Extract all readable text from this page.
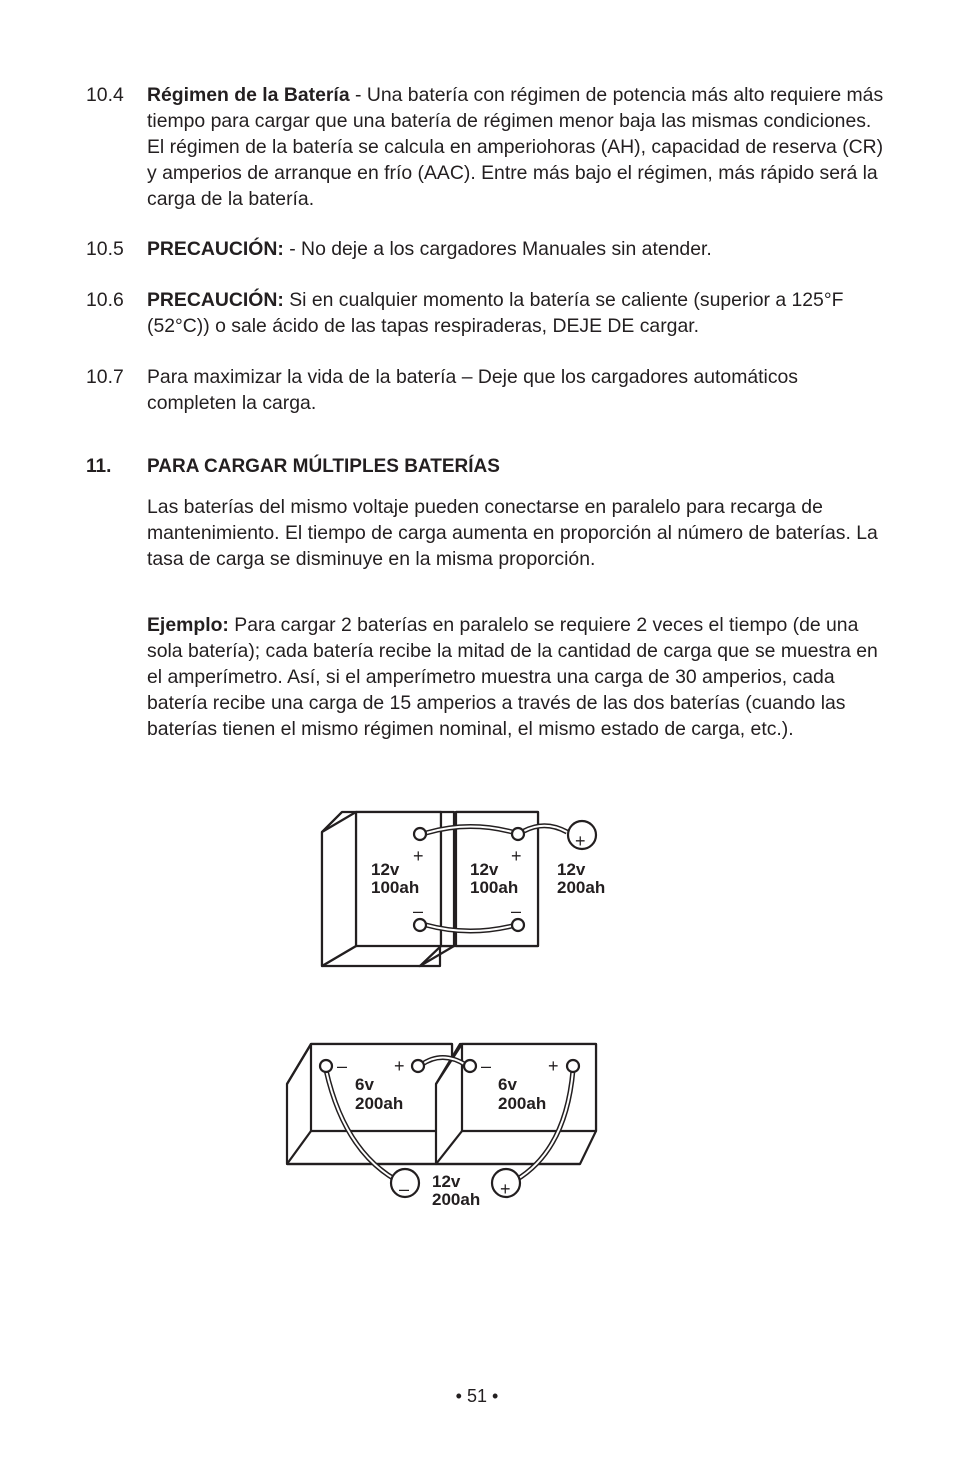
10.4 Régimen de la Batería - Una batería con régimen de potencia más alto requiere más tiempo para cargar que una batería de régimen menor baja las mismas condiciones. El régimen de la batería se calcula en amperiohoras (AH), capacidad de reserva (CR) y amperios de arranque en frío (AAC). Entre más bajo el régimen, más rápido será la carga de la batería.
10.5 PRECAUCIÓN: - No deje a los cargadores Manuales sin atender.
10.6 PRECAUCIÓN: Si en cualquier momento la batería se caliente (superior a 125°F (52°C)) o sale ácido de las tapas respiraderas, DEJE DE cargar.
10.7 Para maximizar la vida de la batería – Deje que los cargadores automáticos completen la carga.
11. PARA CARGAR MÚLTIPLES BATERÍAS

Las baterías del mismo voltaje pueden conectarse en paralelo para recarga de mantenimiento. El tiempo de carga aumenta en proporción al número de baterías. La tasa de carga se disminuye en la misma proporción.

Ejemplo: Para cargar 2 baterías en paralelo se requiere 2 veces el tiempo (de una sola batería); cada batería recibe la mitad de la cantidad de carga que se muestra en el amperímetro. Así, si el amperímetro muestra una carga de 30 amperios, cada batería recibe una carga de 15 amperios a través de las dos baterías (cuando las baterías tienen el mismo régimen nominal, el mismo estado de carga, etc.).

+	+
+
–	–
12v
100ah
12v
100ah
12v
200ah
–	+	–	+
–	+
6v
200ah
6v
200ah
12v
200ah
• 51 •
